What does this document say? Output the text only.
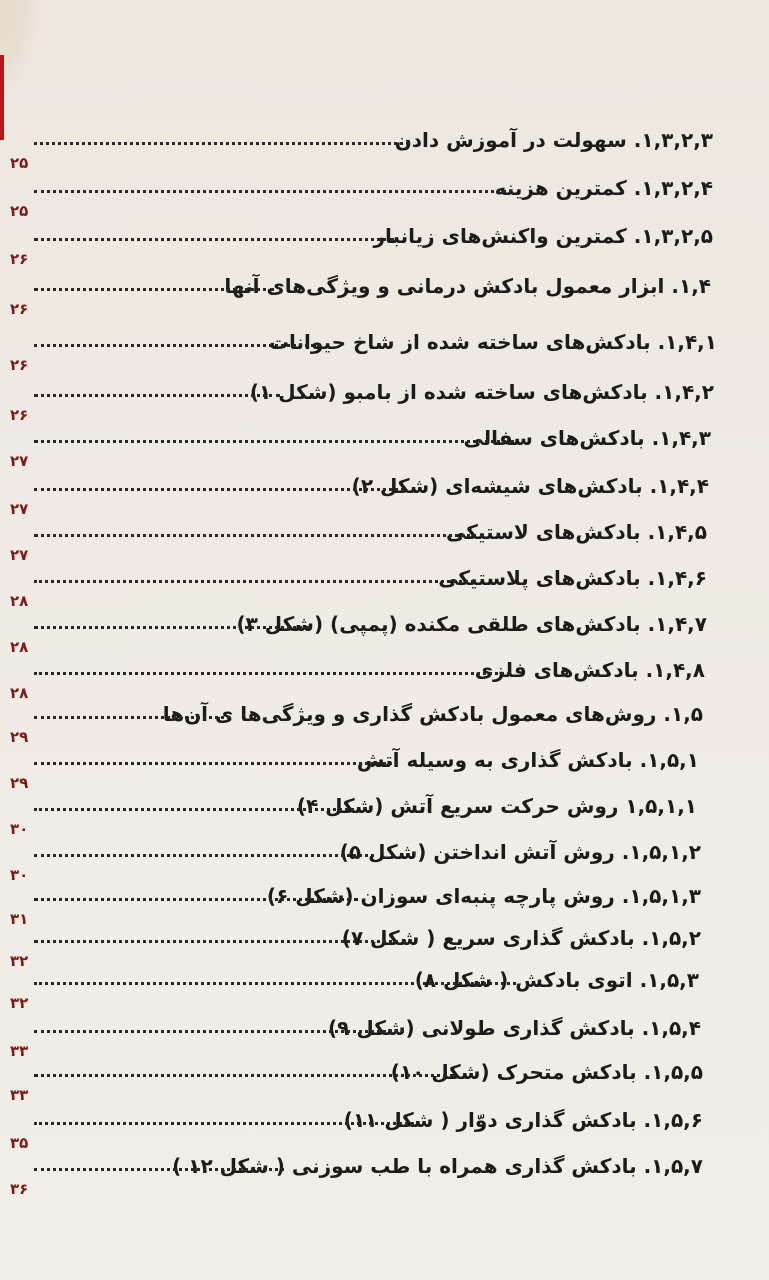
۱,۳,۲,۳. سهولت در آموزش دادن
۲۵
۱,۳,۲,۴. کمترین هزینه
۲۵
۱,۳,۲,۵. کمترین واکنش‌های زیانبار
۲۶
۱,۴. ابزار معمول بادکش درمانی و ویژگی‌های آنها
۲۶
۱,۴,۱. بادکش‌های ساخته شده از شاخ حیوانات
۲۶
۱,۴,۲. بادکش‌های ساخته شده از بامبو (شکل ۱)
۲۶
۱,۴,۳. بادکش‌های سفالی
۲۷
۱,۴,۴. بادکش‌های شیشه‌ای (شکل ۲)
۲۷
۱,۴,۵. بادکش‌های لاستیکی
۲۷
۱,۴,۶. بادکش‌های پلاستیکی
۲۸
۱,۴,۷. بادکش‌های طلقی مکنده (پمپی) (شکل ۳)
۲۸
۱,۴,۸. بادکش‌های فلزی
۲۸
۱,۵. روش‌های معمول بادکش گذاری و ویژگی‌ها ی آن‌ها
۲۹
۱,۵,۱. بادکش گذاری به وسیله آتش
۲۹
۱,۵,۱,۱ روش حرکت سریع آتش (شکل ۴)
۳۰
۱,۵,۱,۲. روش آتش انداختن (شکل ۵)
۳۰
۱,۵,۱,۳. روش پارچه پنبه‌ای سوزان (شکل ۶)
۳۱
۱,۵,۲. بادکش گذاری سریع ( شکل ۷)
۳۲
۱,۵,۳. اتوی بادکش ( شکل ۸)
۳۲
۱,۵,۴. بادکش گذاری طولانی (شکل ۹)
۳۳
۱,۵,۵. بادکش متحرک (شکل ۱۰)
۳۳
۱,۵,۶. بادکش گذاری دوّار ( شکل ۱۱)
۳۵
۱,۵,۷. بادکش گذاری همراه با طب سوزنی ( شکل ۱۲ )
۳۶
